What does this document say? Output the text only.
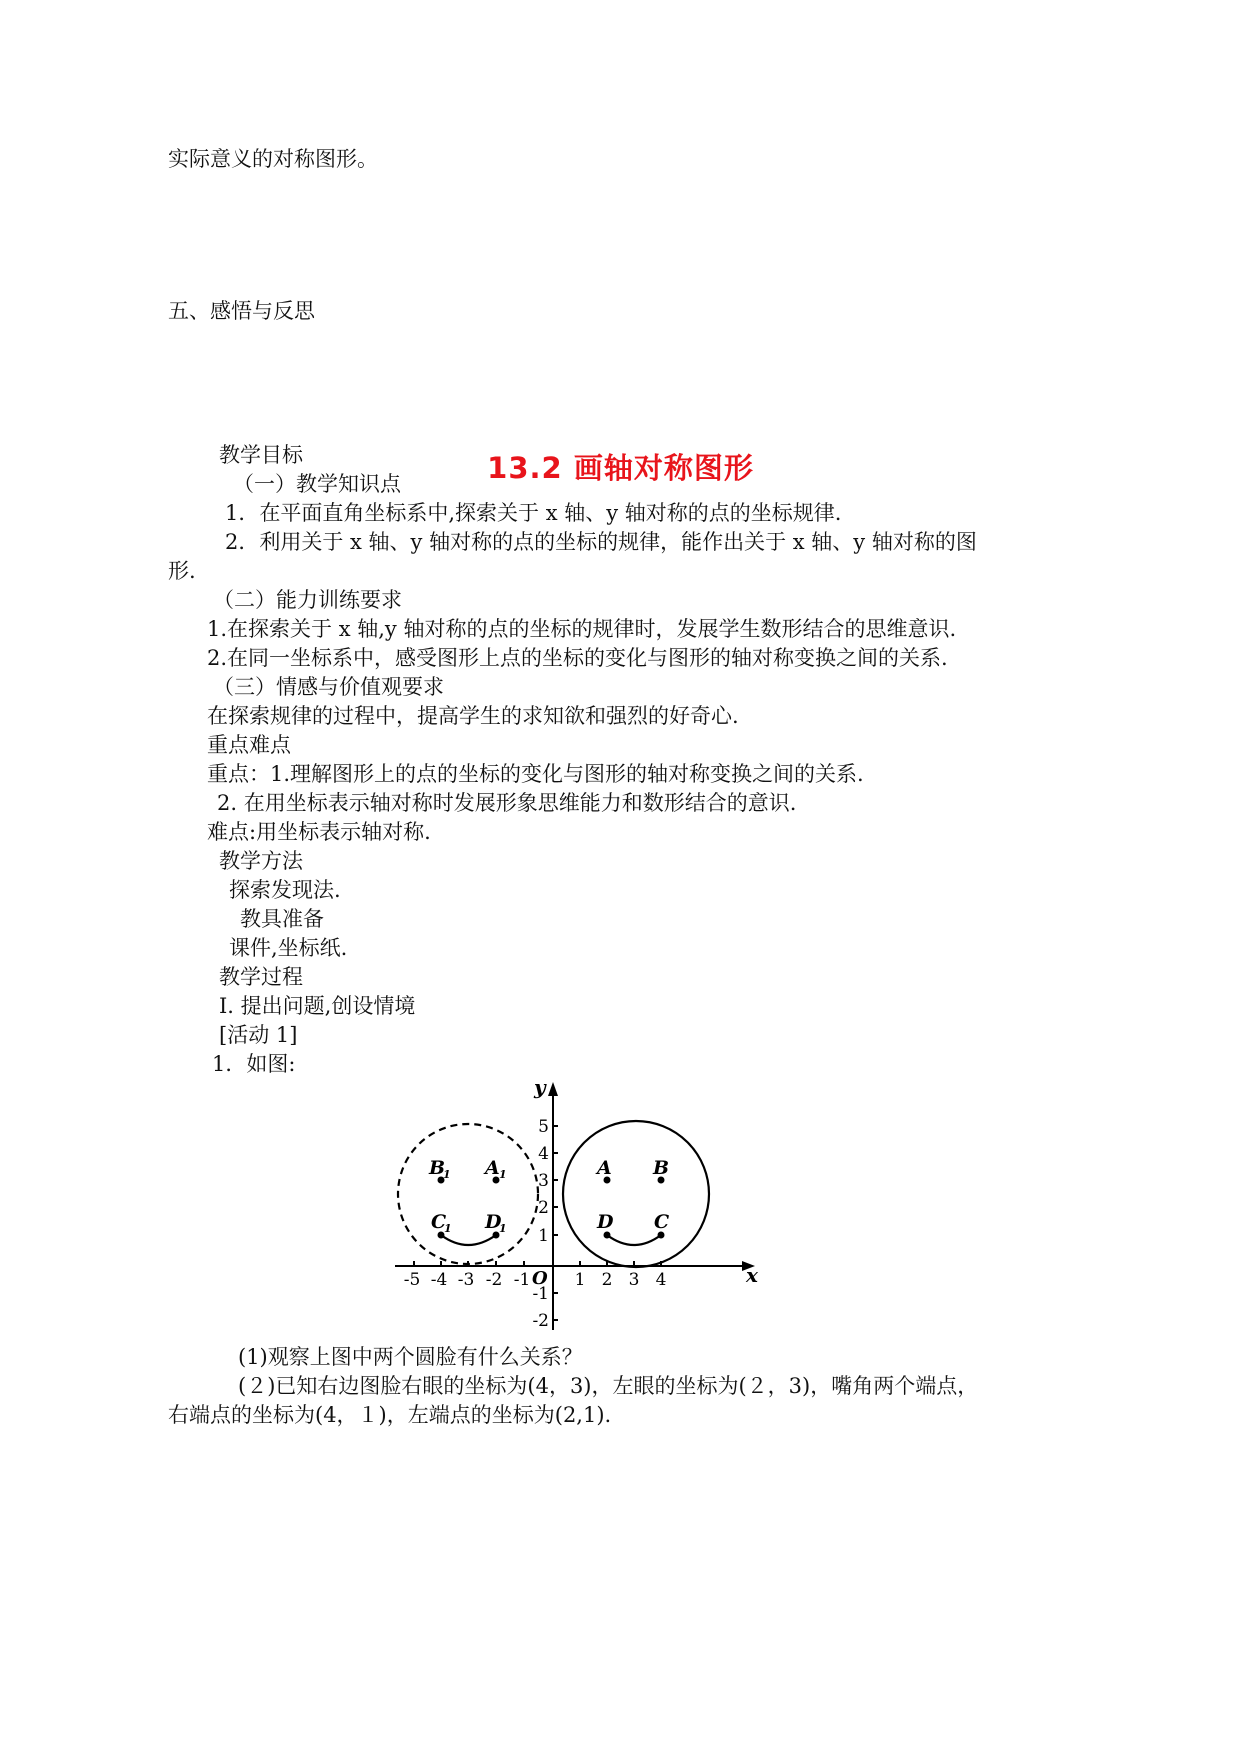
实际意义的对称图形。
五、感悟与反思
13.2 画轴对称图形
教学目标
（一）教学知识点
1．在平面直角坐标系中,探索关于 x 轴、y 轴对称的点的坐标规律.
2．利用关于 x 轴、y 轴对称的点的坐标的规律，能作出关于 x 轴、y 轴对称的图
形.
（二）能力训练要求
1.在探索关于 x 轴,y 轴对称的点的坐标的规律时，发展学生数形结合的思维意识.
2.在同一坐标系中，感受图形上点的坐标的变化与图形的轴对称变换之间的关系.
（三）情感与价值观要求
在探索规律的过程中，提高学生的求知欲和强烈的好奇心.
重点难点
重点：1.理解图形上的点的坐标的变化与图形的轴对称变换之间的关系.
2. 在用坐标表示轴对称时发展形象思维能力和数形结合的意识.
难点:用坐标表示轴对称.
教学方法
探索发现法.
教具准备
课件,坐标纸.
教学过程
Ⅰ. 提出问题,创设情境
[活动 1]
1．如图:
-5 -4 -3 -2 -1	1 2 3 4
5
4
3
2
1
-1
-2
O	x
y
B
1 A 1
C
1 D
1
A B
D C
(1)观察上图中两个圆脸有什么关系？
(２)已知右边图脸右眼的坐标为(4，3)，左眼的坐标为(２，3)，嘴角两个端点，
右端点的坐标为(4，１)，左端点的坐标为(2,1).
